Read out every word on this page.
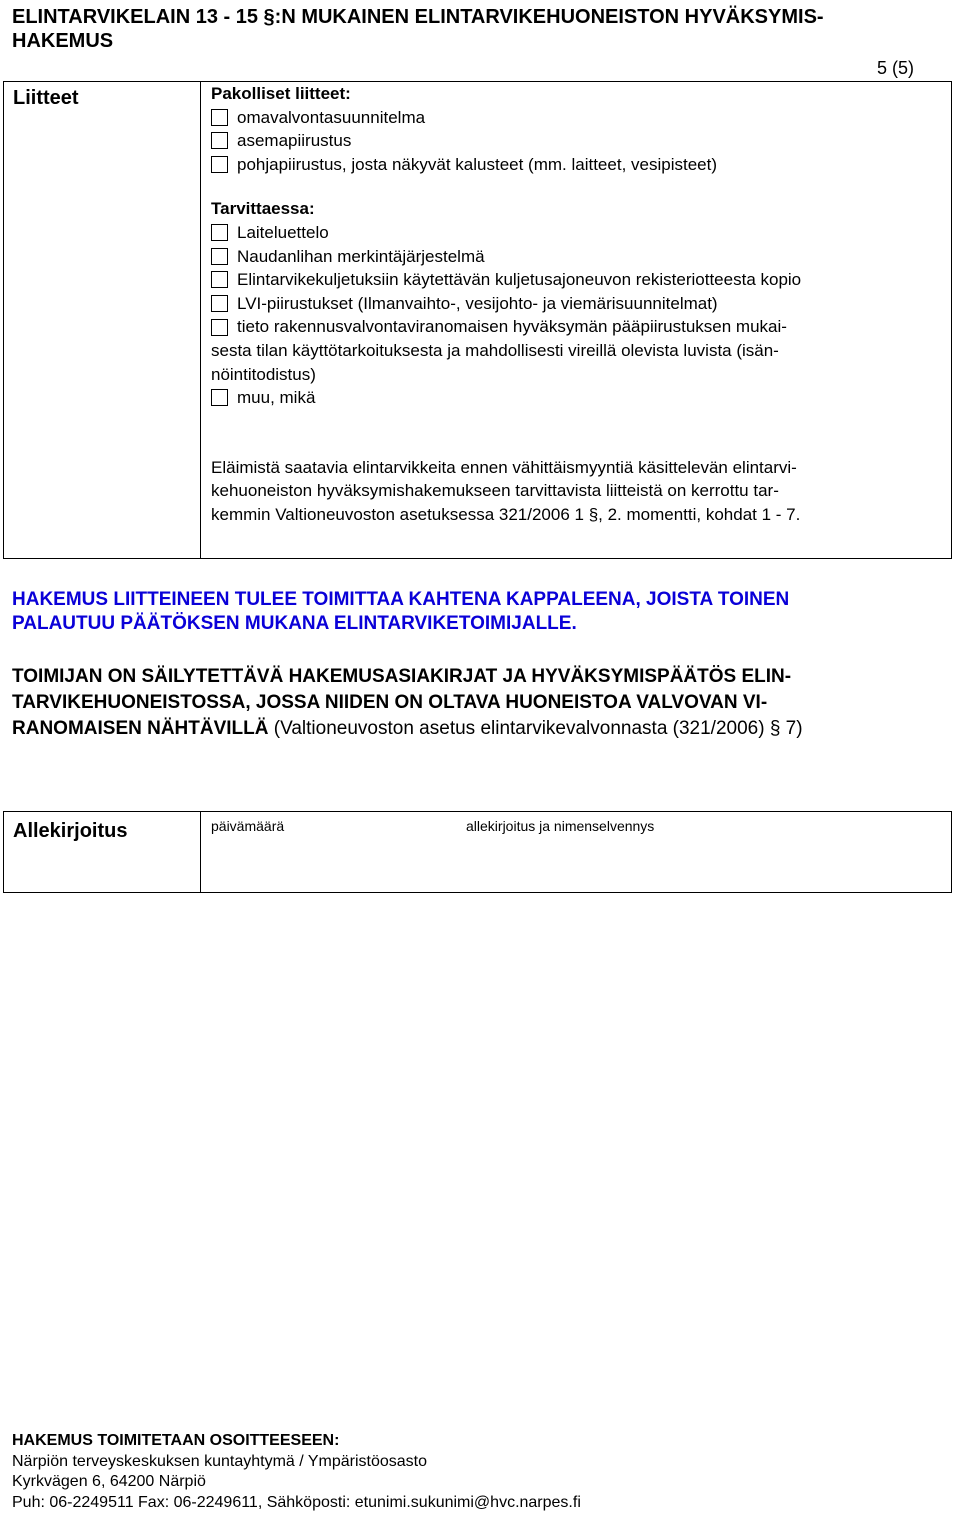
ELINTARVIKELAIN 13 - 15 §:N MUKAINEN ELINTARVIKEHUONEISTON HYVÄKSYMIS-
HAKEMUS
5 (5)
Liitteet	Pakolliset liitteet:
omavalvontasuunnitelma
asemapiirustus
pohjapiirustus, josta näkyvät kalusteet (mm. laitteet, vesipisteet)
Tarvittaessa:
Laiteluettelo
Naudanlihan merkintäjärjestelmä
Elintarvikekuljetuksiin käytettävän kuljetusajoneuvon rekisteriotteesta kopio
LVI-piirustukset (Ilmanvaihto-, vesijohto- ja viemärisuunnitelmat)
tieto rakennusvalvontaviranomaisen hyväksymän pääpiirustuksen mukai-
sesta tilan käyttötarkoituksesta ja mahdollisesti vireillä olevista luvista (isän-
nöintitodistus)
muu, mikä
Eläimistä saatavia elintarvikkeita ennen vähittäismyyntiä käsittelevän elintarvi-
kehuoneiston hyväksymishakemukseen tarvittavista liitteistä on kerrottu tar-
kemmin Valtioneuvoston asetuksessa 321/2006 1 §, 2. momentti, kohdat 1 - 7.
HAKEMUS LIITTEINEEN TULEE TOIMITTAA KAHTENA KAPPALEENA, JOISTA TOINEN
PALAUTUU PÄÄTÖKSEN MUKANA ELINTARVIKETOIMIJALLE.
TOIMIJAN ON SÄILYTETTÄVÄ HAKEMUSASIAKIRJAT JA HYVÄKSYMISPÄÄTÖS ELIN-
TARVIKEHUONEISTOSSA, JOSSA NIIDEN ON OLTAVA HUONEISTOA VALVOVAN VI-
RANOMAISEN NÄHTÄVILLÄ (Valtioneuvoston asetus elintarvikevalvonnasta (321/2006) § 7)
Allekirjoitus	päivämäärä	allekirjoitus ja nimenselvennys
HAKEMUS TOIMITETAAN OSOITTEESEEN:
Närpiön terveyskeskuksen kuntayhtymä / Ympäristöosasto
Kyrkvägen 6, 64200 Närpiö
Puh: 06-2249511 Fax: 06-2249611, Sähköposti: etunimi.sukunimi@hvc.narpes.fi
